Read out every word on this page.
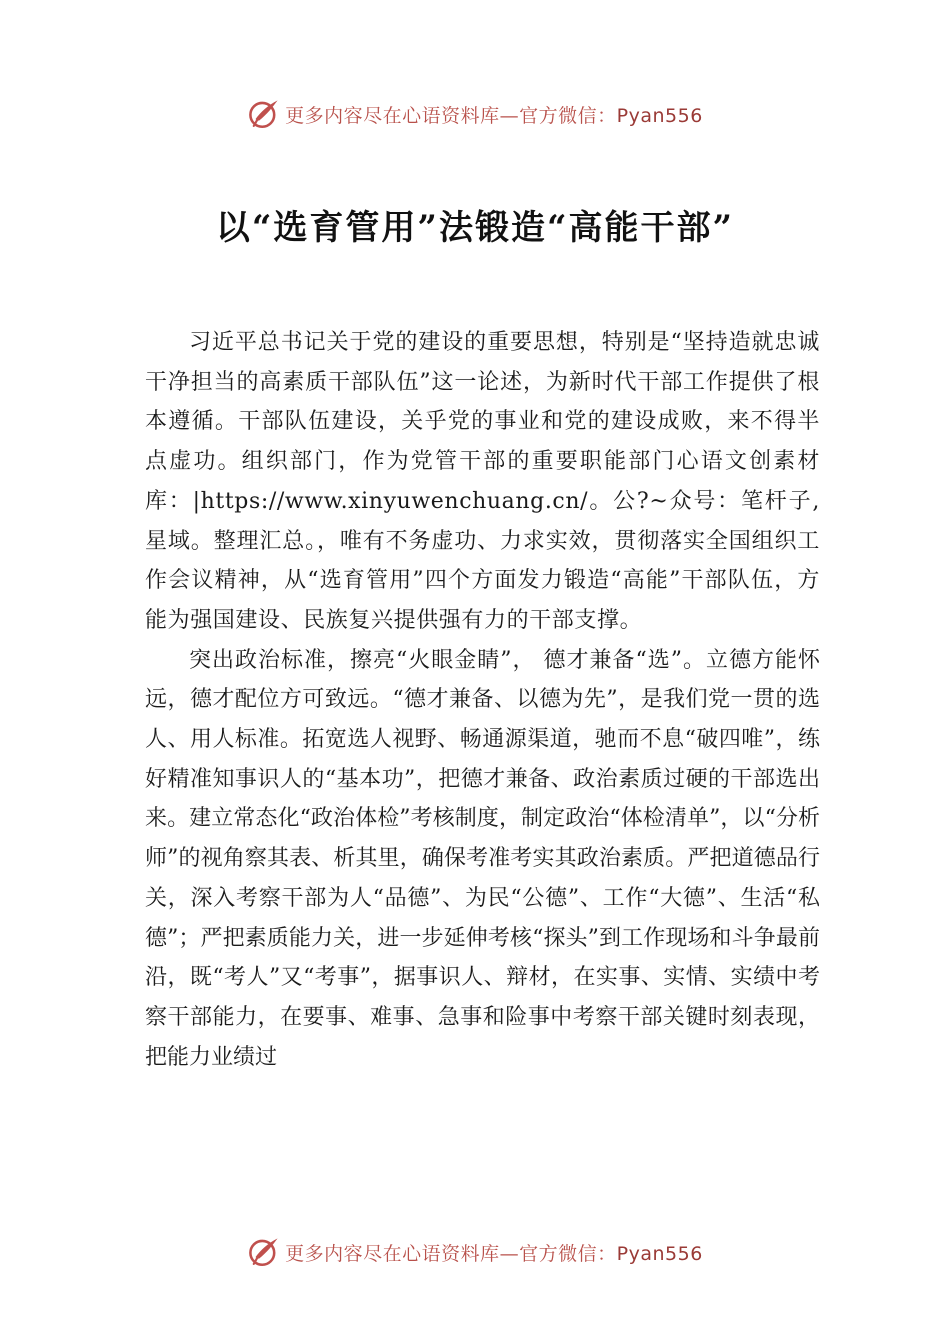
更多内容尽在心语资料库—官方微信：Pyan556
以“选育管用”法锻造“高能干部”

习近平总书记关于党的建设的重要思想，特别是“坚持造就忠诚干净担当的高素质干部队伍”这一论述，为新时代干部工作提供了根本遵循。干部队伍建设，关乎党的事业和党的建设成败，来不得半点虚功。组织部门，作为党管干部的重要职能部门心语文创素材库：|https://www.xinyuwenchuang.cn/。公?~众号：笔杆子,星域。整理汇总。，唯有不务虚功、力求实效，贯彻落实全国组织工作会议精神，从“选育管用”四个方面发力锻造“高能”干部队伍，方能为强国建设、民族复兴提供强有力的干部支撑。

突出政治标准，擦亮“火眼金睛”， 德才兼备“选”。立德方能怀远，德才配位方可致远。“德才兼备、以德为先”，是我们党一贯的选人、用人标准。拓宽选人视野、畅通源渠道，驰而不息“破四唯”，练好精准知事识人的“基本功”，把德才兼备、政治素质过硬的干部选出来。建立常态化“政治体检”考核制度，制定政治“体检清单”，以“分析师”的视角察其表、析其里，确保考准考实其政治素质。严把道德品行关，深入考察干部为人“品德”、为民“公德”、工作“大德”、生活“私德”；严把素质能力关，进一步延伸考核“探头”到工作现场和斗争最前沿，既“考人”又“考事”，据事识人、辩材，在实事、实情、实绩中考察干部能力，在要事、难事、急事和险事中考察干部关键时刻表现，把能力业绩过

更多内容尽在心语资料库—官方微信：Pyan556
